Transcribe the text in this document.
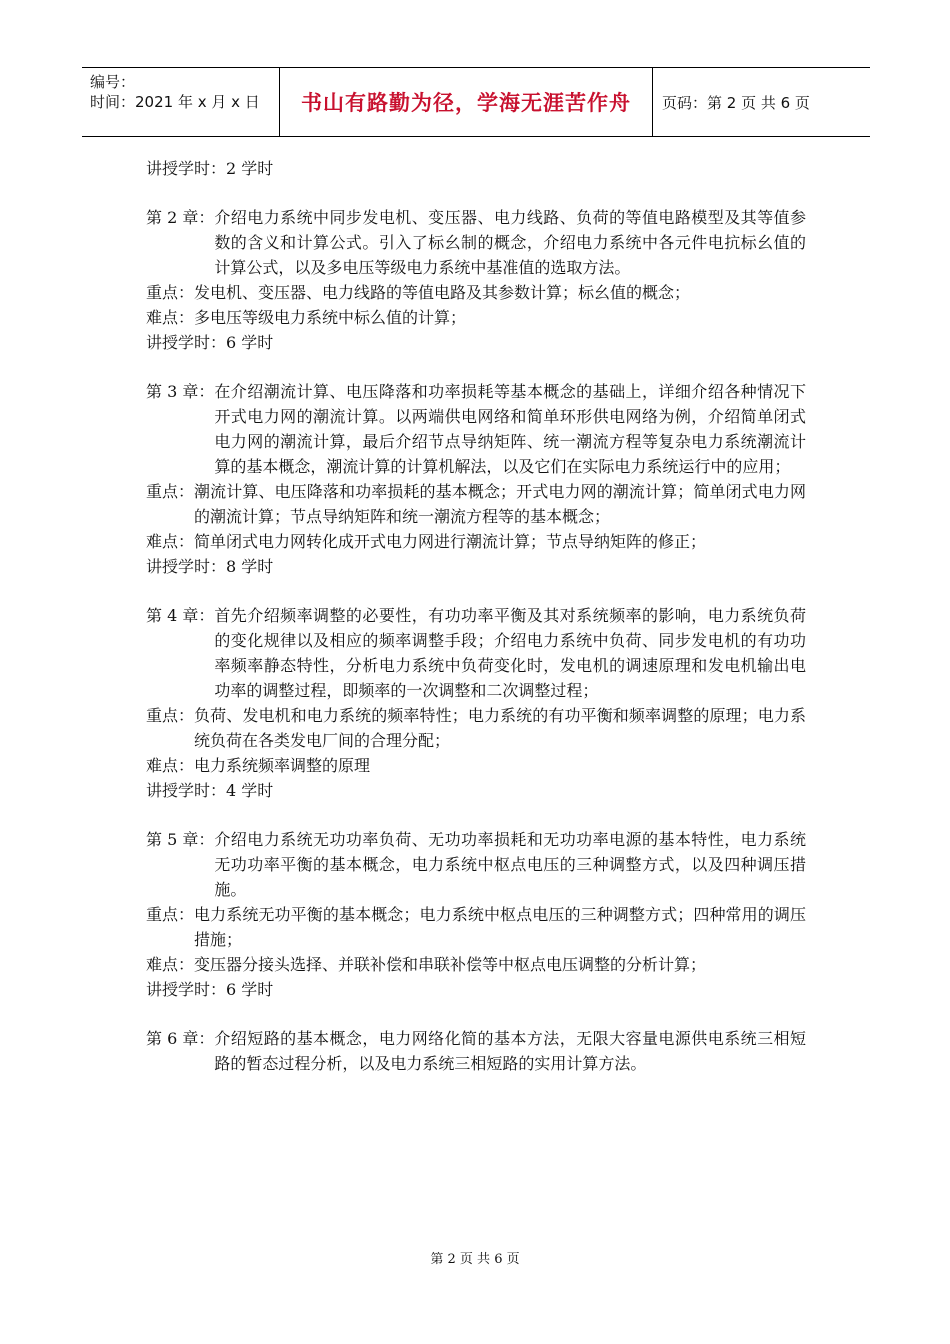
编号：
时间：2021 年 x 月 x 日	书山有路勤为径，学海无涯苦作舟	页码：第 2 页 共 6 页

讲授学时：2 学时

第 2 章： 介绍电力系统中同步发电机、变压器、电力线路、负荷的等值电路模型及其等值参数的含义和计算公式。引入了标幺制的概念，介绍电力系统中各元件电抗标幺值的计算公式，以及多电压等级电力系统中基准值的选取方法。
重点： 发电机、变压器、电力线路的等值电路及其参数计算；标幺值的概念；
难点： 多电压等级电力系统中标么值的计算；

讲授学时：6 学时

第 3 章： 在介绍潮流计算、电压降落和功率损耗等基本概念的基础上，详细介绍各种情况下开式电力网的潮流计算。以两端供电网络和简单环形供电网络为例，介绍简单闭式电力网的潮流计算，最后介绍节点导纳矩阵、统一潮流方程等复杂电力系统潮流计算的基本概念，潮流计算的计算机解法，以及它们在实际电力系统运行中的应用；
重点： 潮流计算、电压降落和功率损耗的基本概念；开式电力网的潮流计算；简单闭式电力网的潮流计算；节点导纳矩阵和统一潮流方程等的基本概念；
难点： 简单闭式电力网转化成开式电力网进行潮流计算；节点导纳矩阵的修正；

讲授学时：8 学时

第 4 章： 首先介绍频率调整的必要性，有功功率平衡及其对系统频率的影响，电力系统负荷的变化规律以及相应的频率调整手段；介绍电力系统中负荷、同步发电机的有功功率频率静态特性，分析电力系统中负荷变化时，发电机的调速原理和发电机输出电功率的调整过程，即频率的一次调整和二次调整过程；
重点： 负荷、发电机和电力系统的频率特性；电力系统的有功平衡和频率调整的原理；电力系统负荷在各类发电厂间的合理分配；
难点： 电力系统频率调整的原理

讲授学时：4 学时

第 5 章： 介绍电力系统无功功率负荷、无功功率损耗和无功功率电源的基本特性，电力系统无功功率平衡的基本概念，电力系统中枢点电压的三种调整方式，以及四种调压措施。
重点： 电力系统无功平衡的基本概念；电力系统中枢点电压的三种调整方式；四种常用的调压措施；
难点： 变压器分接头选择、并联补偿和串联补偿等中枢点电压调整的分析计算；

讲授学时：6 学时

第 6 章： 介绍短路的基本概念，电力网络化简的基本方法，无限大容量电源供电系统三相短路的暂态过程分析，以及电力系统三相短路的实用计算方法。
第 2 页 共 6 页
